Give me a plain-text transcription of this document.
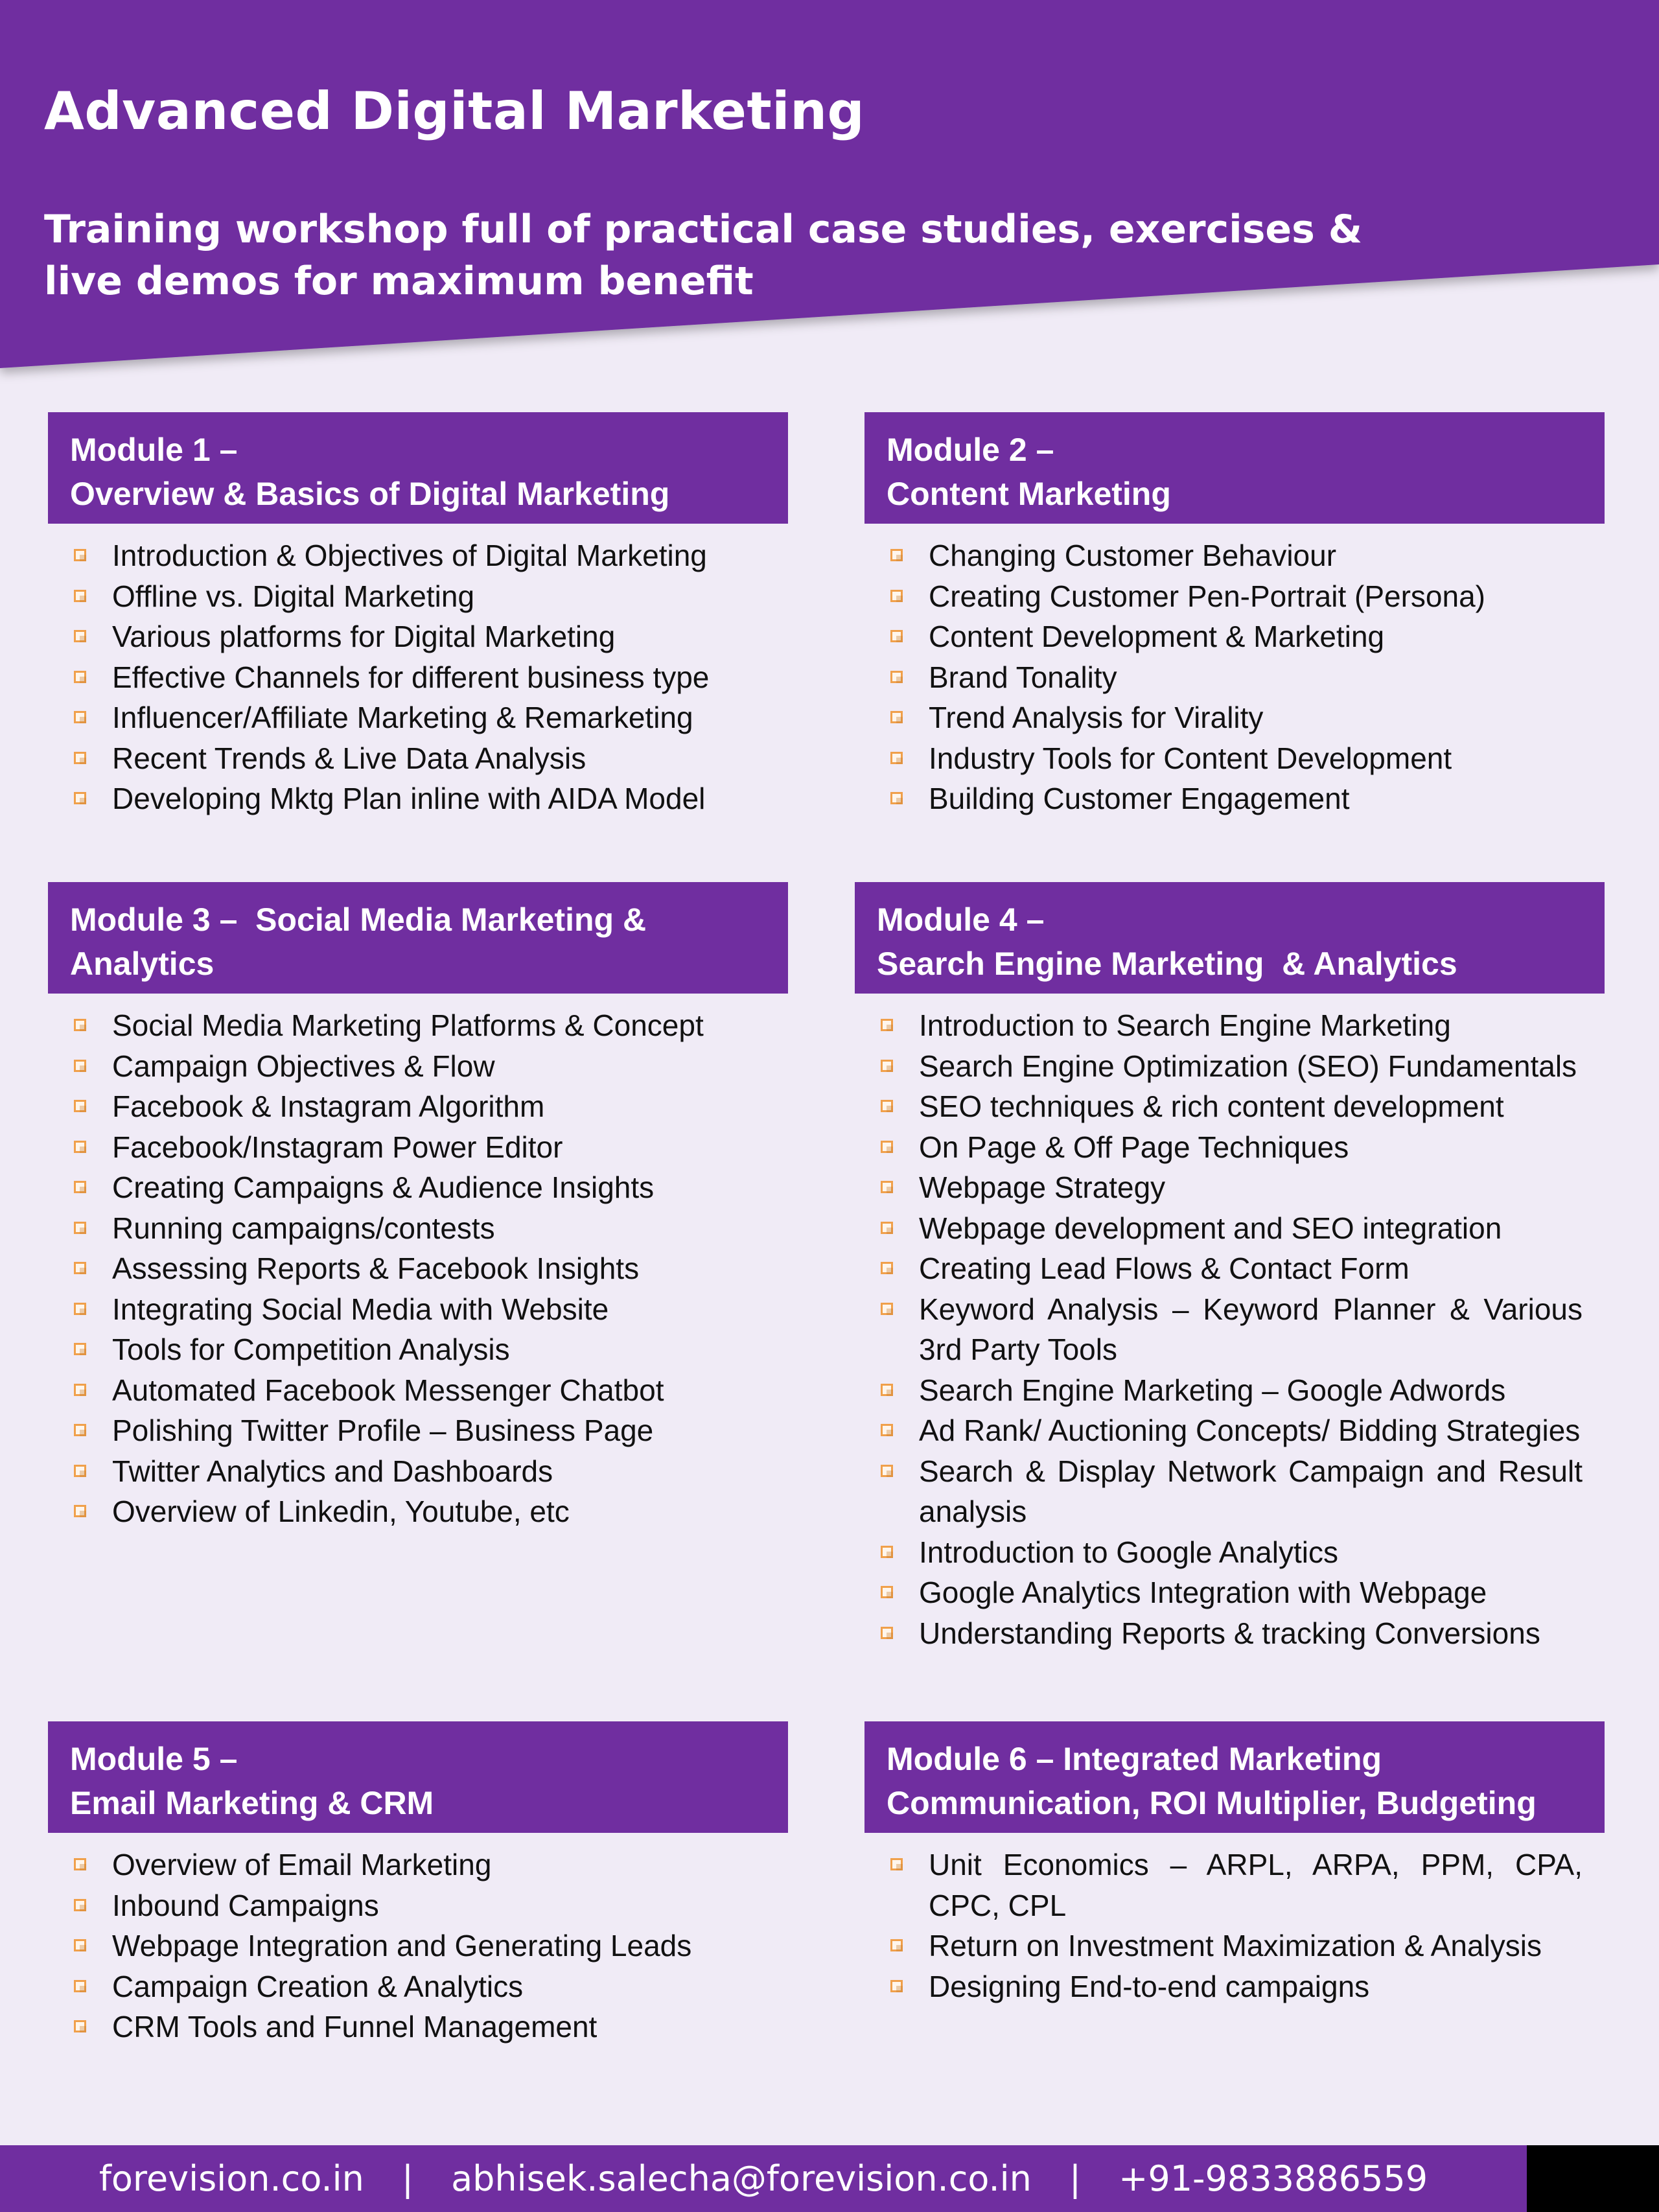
Advanced Digital Marketing

Training workshop full of practical case studies, exercises & live demos for maximum benefit

Module 1 –
Overview & Basics of Digital Marketing
Introduction & Objectives of Digital Marketing
Offline vs. Digital Marketing
Various platforms for Digital Marketing
Effective Channels for different business type
Influencer/Affiliate Marketing & Remarketing
Recent Trends & Live Data Analysis
Developing Mktg Plan inline with AIDA Model
Module 2 –
Content Marketing
Changing Customer Behaviour
Creating Customer Pen-Portrait (Persona)
Content Development & Marketing
Brand Tonality
Trend Analysis for Virality
Industry Tools for Content Development
Building Customer Engagement
Module 3 –  Social Media Marketing &
Analytics
Social Media Marketing Platforms & Concept
Campaign Objectives & Flow
Facebook & Instagram Algorithm
Facebook/Instagram Power Editor
Creating Campaigns & Audience Insights
Running campaigns/contests
Assessing Reports & Facebook Insights
Integrating Social Media with Website
Tools for Competition Analysis
Automated Facebook Messenger Chatbot
Polishing Twitter Profile – Business Page
Twitter Analytics and Dashboards
Overview of Linkedin, Youtube, etc
Module 4 –
Search Engine Marketing  & Analytics
Introduction to Search Engine Marketing
Search Engine Optimization (SEO) Fundamentals
SEO techniques & rich content development
On Page & Off Page Techniques
Webpage Strategy
Webpage development and SEO integration
Creating Lead Flows & Contact Form
Keyword Analysis – Keyword Planner & Various 3rd Party Tools
Search Engine Marketing – Google Adwords
Ad Rank/ Auctioning Concepts/ Bidding Strategies
Search & Display Network Campaign and Result analysis
Introduction to Google Analytics
Google Analytics Integration with Webpage
Understanding Reports & tracking Conversions
Module 5 –
Email Marketing & CRM
Overview of Email Marketing
Inbound Campaigns
Webpage Integration and Generating Leads
Campaign Creation & Analytics
CRM Tools and Funnel Management
Module 6 – Integrated Marketing
Communication, ROI Multiplier, Budgeting
Unit Economics – ARPL, ARPA, PPM, CPA, CPC, CPL
Return on Investment Maximization & Analysis
Designing End-to-end campaigns
forevision.co.in | abhisek.salecha@forevision.co.in | +91-9833886559
